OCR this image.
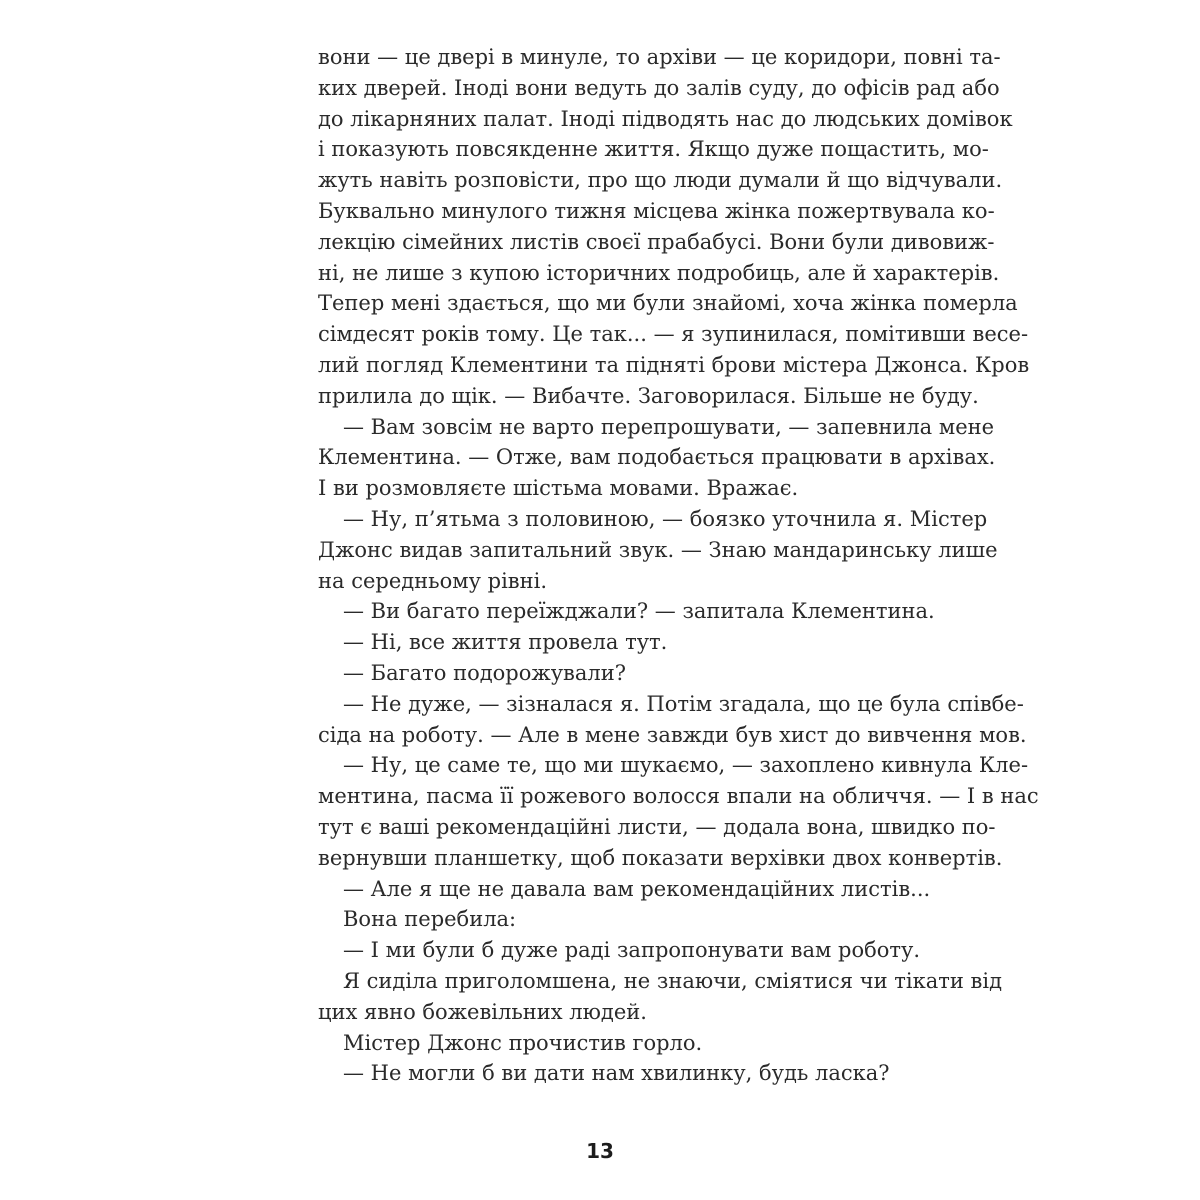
вони — це двері в минуле, то архіви — це коридори, повні та-
ких дверей. Іноді вони ведуть до залів суду, до офісів рад або
до лікарняних палат. Іноді підводять нас до людських домівок
і показують повсякденне життя. Якщо дуже пощастить, мо-
жуть навіть розповісти, про що люди думали й що відчували.
Буквально минулого тижня місцева жінка пожертвувала ко-
лекцію сімейних листів своєї прабабусі. Вони були дивовиж-
ні, не лише з купою історичних подробиць, але й характерів.
Тепер мені здається, що ми були знайомі, хоча жінка померла
сімдесят років тому. Це так... — я зупинилася, помітивши весе-
лий погляд Клементини та підняті брови містера Джонса. Кров
прилила до щік. — Вибачте. Заговорилася. Більше не буду.
— Вам зовсім не варто перепрошувати, — запевнила мене
Клементина. — Отже, вам подобається працювати в архівах.
І ви розмовляєте шістьма мовами. Вражає.
— Ну, п’ятьма з половиною, — боязко уточнила я. Містер
Джонс видав запитальний звук. — Знаю мандаринську лише
на середньому рівні.
— Ви багато переїжджали? — запитала Клементина.
— Ні, все життя провела тут.
— Багато подорожували?
— Не дуже, — зізналася я. Потім згадала, що це була співбе-
сіда на роботу. — Але в мене завжди був хист до вивчення мов.
— Ну, це саме те, що ми шукаємо, — захоплено кивнула Кле-
ментина, пасма її рожевого волосся впали на обличчя. — І в нас
тут є ваші рекомендаційні листи, — додала вона, швидко по-
вернувши планшетку, щоб показати верхівки двох конвертів.
— Але я ще не давала вам рекомендаційних листів...
Вона перебила:
— І ми були б дуже раді запропонувати вам роботу.
Я сиділа приголомшена, не знаючи, сміятися чи тікати від
цих явно божевільних людей.
Містер Джонс прочистив горло.
— Не могли б ви дати нам хвилинку, будь ласка?
13
